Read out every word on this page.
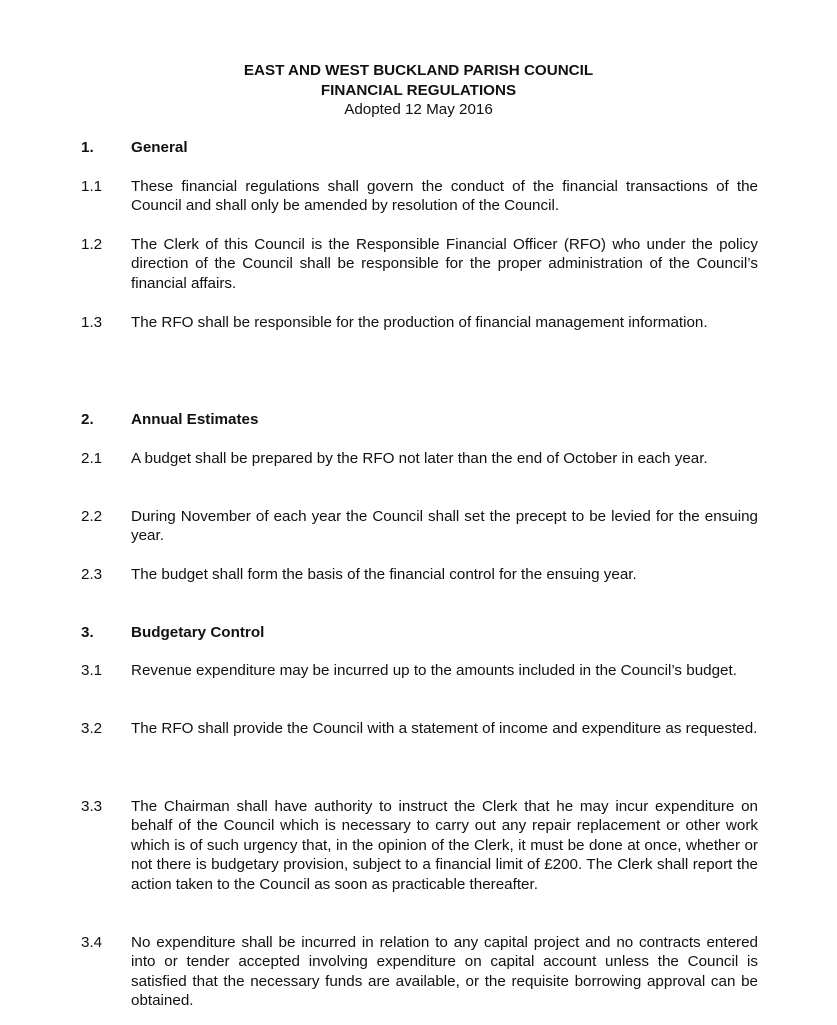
EAST AND WEST BUCKLAND PARISH COUNCIL
FINANCIAL REGULATIONS
Adopted 12 May 2016
1.	General
1.1	These financial regulations shall govern the conduct of the financial transactions of the Council and shall only be amended by resolution of the Council.
1.2	The Clerk of this Council is the Responsible Financial Officer (RFO) who under the policy direction of the Council shall be responsible for the proper administration of the Council’s financial affairs.
1.3	The RFO shall be responsible for the production of financial management information.
2.	Annual Estimates
2.1	A budget shall be prepared by the RFO not later than the end of October in each year.
2.2	During November of each year the Council shall set the precept to be levied for the ensuing year.
2.3	The budget shall form the basis of the financial control for the ensuing year.
3.	Budgetary Control
3.1	Revenue expenditure may be incurred up to the amounts included in the Council’s budget.
3.2	The RFO shall provide the Council with a statement of income and expenditure as requested.
3.3	The Chairman shall have authority to instruct the Clerk that he may incur expenditure on behalf of the Council which is necessary to carry out any repair replacement or other work which is of such urgency that, in the opinion of the Clerk, it must be done at once, whether or not there is budgetary provision, subject to a financial limit of £200. The Clerk shall report the action taken to the Council as soon as practicable thereafter.
3.4	No expenditure shall be incurred in relation to any capital project and no contracts entered into or tender accepted involving expenditure on capital account unless the Council is satisfied that the necessary funds are available, or the requisite borrowing approval can be obtained.
